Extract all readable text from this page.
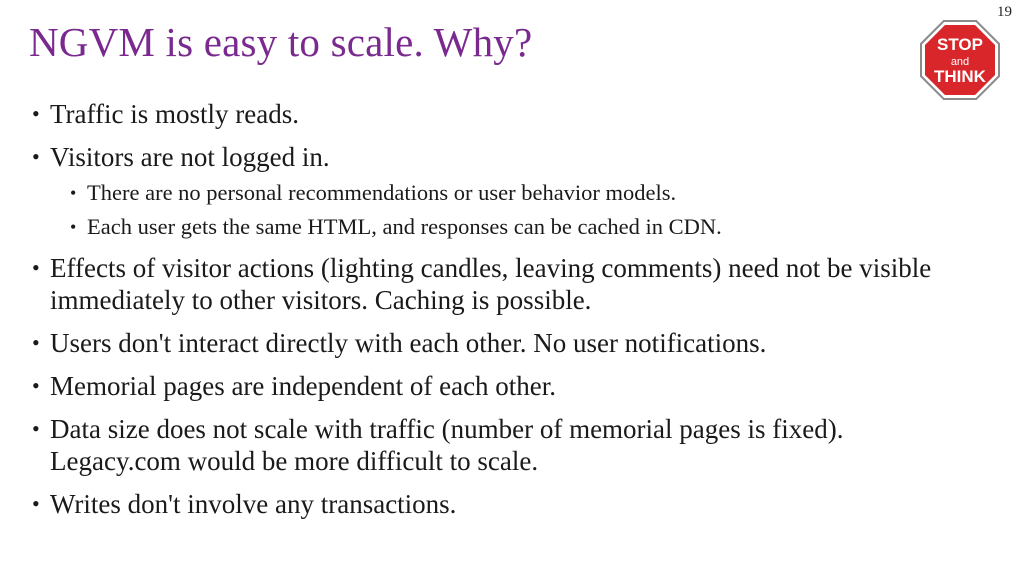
19
NGVM is easy to scale. Why?	STOP
and
THINK
• Traffic is mostly reads.
• Visitors are not logged in.
• There are no personal recommendations or user behavior models.
• Each user gets the same HTML, and responses can be cached in CDN.
• Effects of visitor actions (lighting candles, leaving comments) need not be visible immediately to other visitors. Caching is possible.
• Users don't interact directly with each other. No user notifications.
• Memorial pages are independent of each other.
• Data size does not scale with traffic (number of memorial pages is fixed). Legacy.com would be more difficult to scale.
• Writes don't involve any transactions.
